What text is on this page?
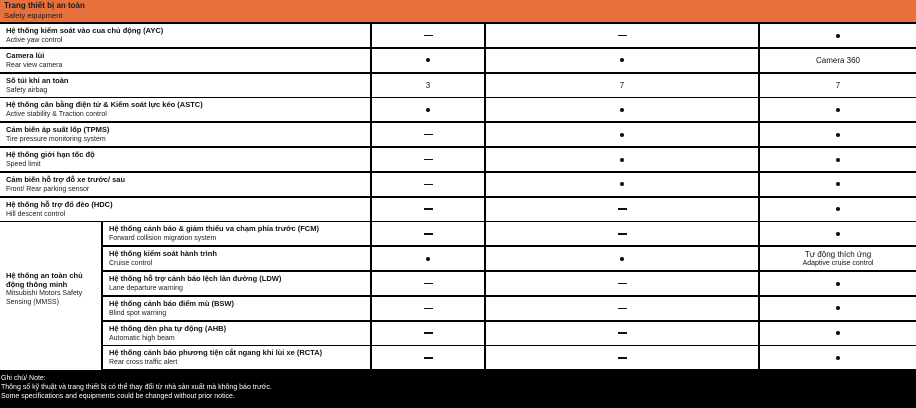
Trang thiết bị an toàn
Safety equipment
Hệ thống kiểm soát vào cua chủ động (AYC)
Active yaw control
Camera lùi
Rear view camera
Camera 360
Số túi khí an toàn
Safety airbag
3	7	7
Hệ thống cân bằng điện tử & Kiểm soát lực kéo (ASTC)
Active stability & Traction control
Cảm biến áp suất lốp (TPMS)
Tire pressure monitoring system
Hệ thống giới hạn tốc độ
Speed limit
Cảm biến hỗ trợ đỗ xe trước/ sau
Front/ Rear parking sensor
Hệ thống hỗ trợ đổ đèo (HDC)
Hill descent control
Hệ thống cảnh báo & giảm thiểu va chạm phía trước (FCM)
Forward collision migration system
Hệ thống kiểm soát hành trình
Cruise control
Tự động thích ứng
Adaptive cruise control
Hệ thống hỗ trợ cảnh báo lệch làn đường (LDW)
Lane departure warning
Hệ thống cảnh báo điểm mù (BSW)
Blind spot warning
Hệ thống đèn pha tự động (AHB)
Automatic high beam
Hệ thống cảnh báo phương tiện cắt ngang khi lùi xe (RCTA)
Rear cross traffic alert
Hệ thống an toàn chủ động thông minh
Mitsubishi Motors Safety Sensing (MMSS)
Ghi chú/ Note:
Thông số kỹ thuật và trang thiết bị có thể thay đổi từ nhà sản xuất mà không báo trước.
Some specifications and equipments could be changed without prior notice.
